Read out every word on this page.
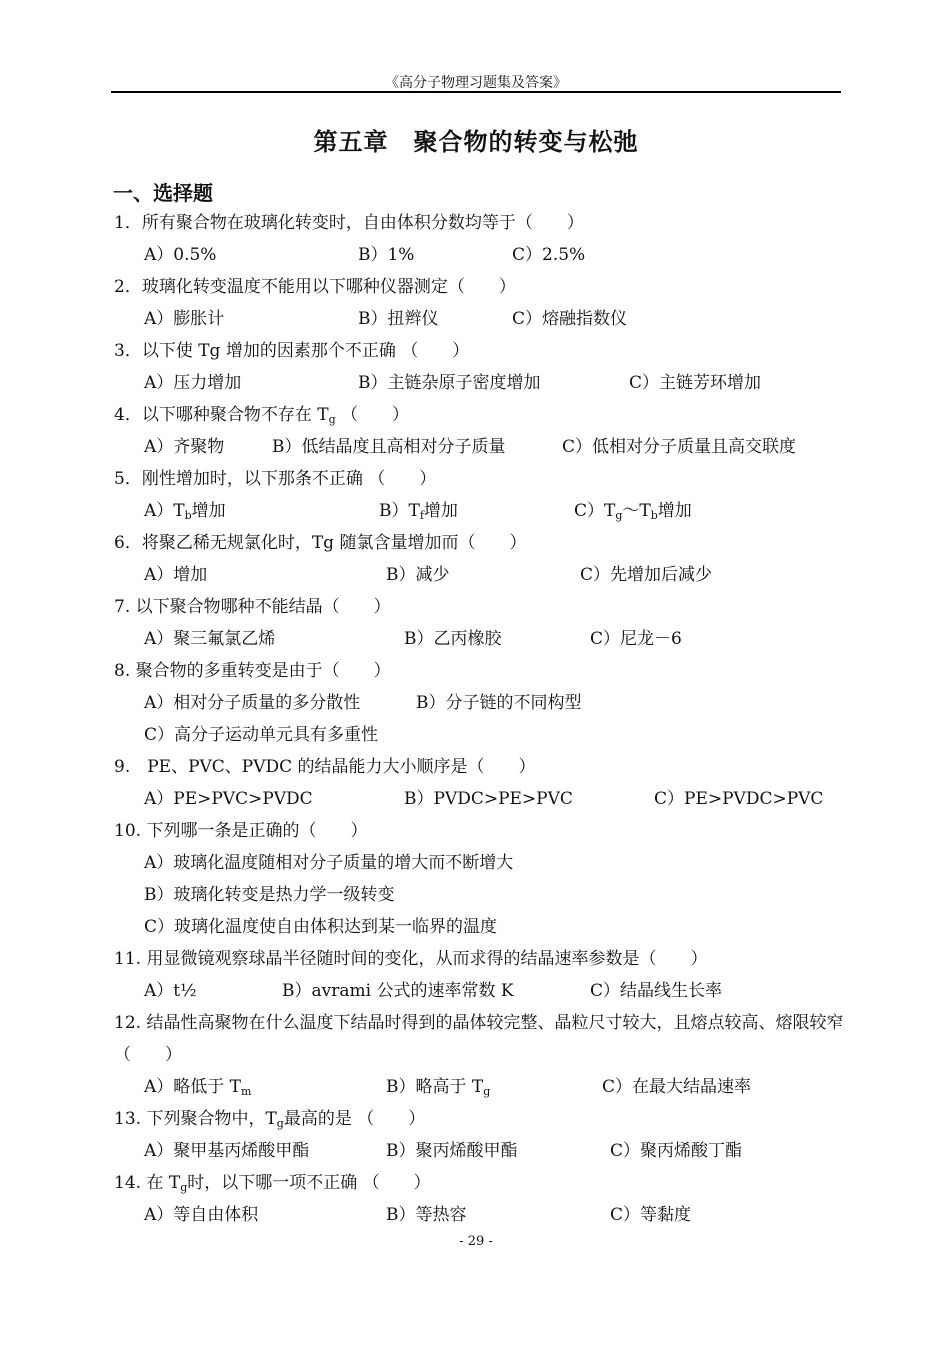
《高分子物理习题集及答案》
第五章　聚合物的转变与松弛
一、选择题
1．所有聚合物在玻璃化转变时，自由体积分数均等于（　　）
A）0.5%	B）1%	C）2.5%
2．玻璃化转变温度不能用以下哪种仪器测定（　　）
A）膨胀计	B）扭辫仪	C）熔融指数仪
3．以下使 Tg 增加的因素那个不正确 （　　）
A）压力增加	B）主链杂原子密度增加	C）主链芳环增加
4．以下哪种聚合物不存在 $T_g$ （　　）
A）齐聚物	B）低结晶度且高相对分子质量	C）低相对分子质量且高交联度
5．刚性增加时，以下那条不正确 （　　）
$A)T_b$增加	$B)T_f$增加	$C)T_g\sim T_b$增加
6．将聚乙稀无规氯化时，Tg 随氯含量增加而（　　）
A）增加	B）减少	C）先增加后减少
7. 以下聚合物哪种不能结晶（　　）
A）聚三氟氯乙烯	B）乙丙橡胶	C）尼龙－6
8. 聚合物的多重转变是由于（　　）
A）相对分子质量的多分散性	B）分子链的不同构型
C）高分子运动单元具有多重性
9.　PE、PVC、PVDC 的结晶能力大小顺序是（　　）
A）PE>PVC>PVDC	B）PVDC>PE>PVC	C）PE>PVDC>PVC
10. 下列哪一条是正确的（　　）
A）玻璃化温度随相对分子质量的增大而不断增大
B）玻璃化转变是热力学一级转变
C）玻璃化温度使自由体积达到某一临界的温度
11. 用显微镜观察球晶半径随时间的变化，从而求得的结晶速率参数是（　　）
A）t½	B）avrami 公式的速率常数 K	C）结晶线生长率
12. 结晶性高聚物在什么温度下结晶时得到的晶体较完整、晶粒尺寸较大，且熔点较高、熔限较窄（　　）
A）略低于 $T_m$	B）略高于 $T_g$	C）在最大结晶速率
13. 下列聚合物中，$T_g$最高的是 （　　）
A）聚甲基丙烯酸甲酯	B）聚丙烯酸甲酯	C）聚丙烯酸丁酯
14. 在 $T_g$时，以下哪一项不正确 （　　）
A）等自由体积	B）等热容	C）等黏度
- 29 -
